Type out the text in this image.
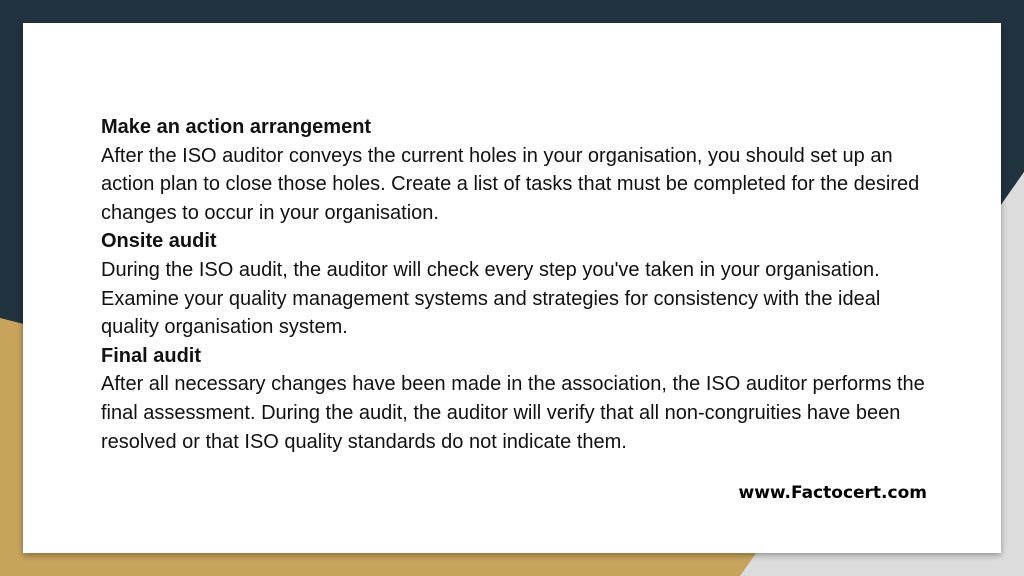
Make an action arrangement

After the ISO auditor conveys the current holes in your organisation, you should set up an action plan to close those holes. Create a list of tasks that must be completed for the desired changes to occur in your organisation.

Onsite audit

During the ISO audit, the auditor will check every step you've taken in your organisation. Examine your quality management systems and strategies for consistency with the ideal quality organisation system.

Final audit

After all necessary changes have been made in the association, the ISO auditor performs the final assessment. During the audit, the auditor will verify that all non-congruities have been resolved or that ISO quality standards do not indicate them.

www.Factocert.com
